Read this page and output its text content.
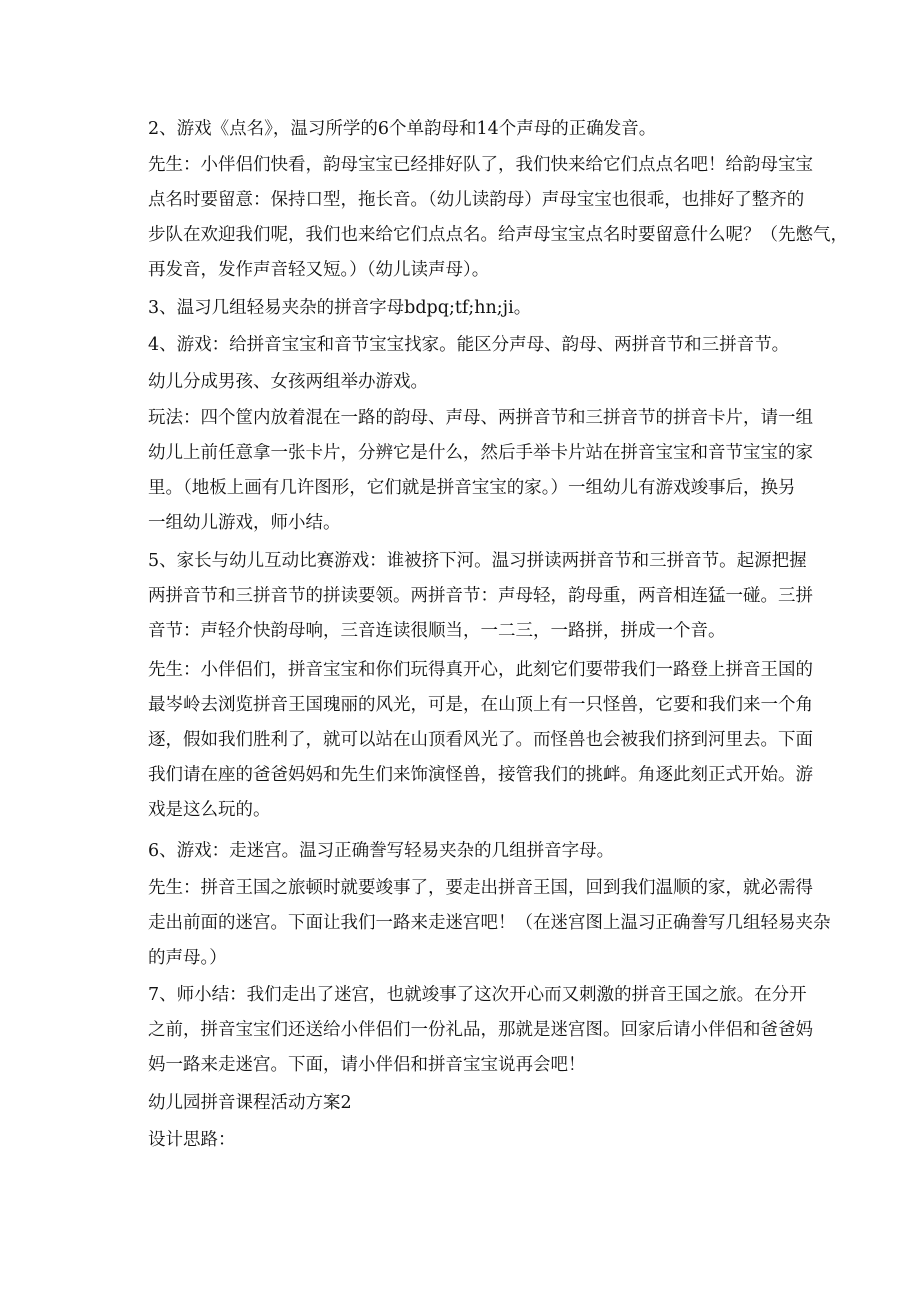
2、游戏《点名》，温习所学的6个单韵母和14个声母的正确发音。
先生：小伴侣们快看，韵母宝宝已经排好队了，我们快来给它们点点名吧！给韵母宝宝
点名时要留意：保持口型，拖长音。（幼儿读韵母）声母宝宝也很乖，也排好了整齐的
步队在欢迎我们呢，我们也来给它们点点名。给声母宝宝点名时要留意什么呢？（先憋气，
再发音，发作声音轻又短。）（幼儿读声母）。
3、温习几组轻易夹杂的拼音字母bdpq;tf;hn;ji。
4、游戏：给拼音宝宝和音节宝宝找家。能区分声母、韵母、两拼音节和三拼音节。
幼儿分成男孩、女孩两组举办游戏。
玩法：四个筐内放着混在一路的韵母、声母、两拼音节和三拼音节的拼音卡片，请一组
幼儿上前任意拿一张卡片，分辨它是什么，然后手举卡片站在拼音宝宝和音节宝宝的家
里。（地板上画有几许图形，它们就是拼音宝宝的家。）一组幼儿有游戏竣事后，换另
一组幼儿游戏，师小结。
5、家长与幼儿互动比赛游戏：谁被挤下河。温习拼读两拼音节和三拼音节。起源把握
两拼音节和三拼音节的拼读要领。两拼音节：声母轻，韵母重，两音相连猛一碰。三拼
音节：声轻介快韵母响，三音连读很顺当，一二三，一路拼，拼成一个音。
先生：小伴侣们，拼音宝宝和你们玩得真开心，此刻它们要带我们一路登上拼音王国的
最岑岭去浏览拼音王国瑰丽的风光，可是，在山顶上有一只怪兽，它要和我们来一个角
逐，假如我们胜利了，就可以站在山顶看风光了。而怪兽也会被我们挤到河里去。下面
我们请在座的爸爸妈妈和先生们来饰演怪兽，接管我们的挑衅。角逐此刻正式开始。游
戏是这么玩的。
6、游戏：走迷宫。温习正确誊写轻易夹杂的几组拼音字母。
先生：拼音王国之旅顿时就要竣事了，要走出拼音王国，回到我们温顺的家，就必需得
走出前面的迷宫。下面让我们一路来走迷宫吧！（在迷宫图上温习正确誊写几组轻易夹杂
的声母。）
7、师小结：我们走出了迷宫，也就竣事了这次开心而又刺激的拼音王国之旅。在分开
之前，拼音宝宝们还送给小伴侣们一份礼品，那就是迷宫图。回家后请小伴侣和爸爸妈
妈一路来走迷宫。下面，请小伴侣和拼音宝宝说再会吧！
幼儿园拼音课程活动方案2
设计思路：
